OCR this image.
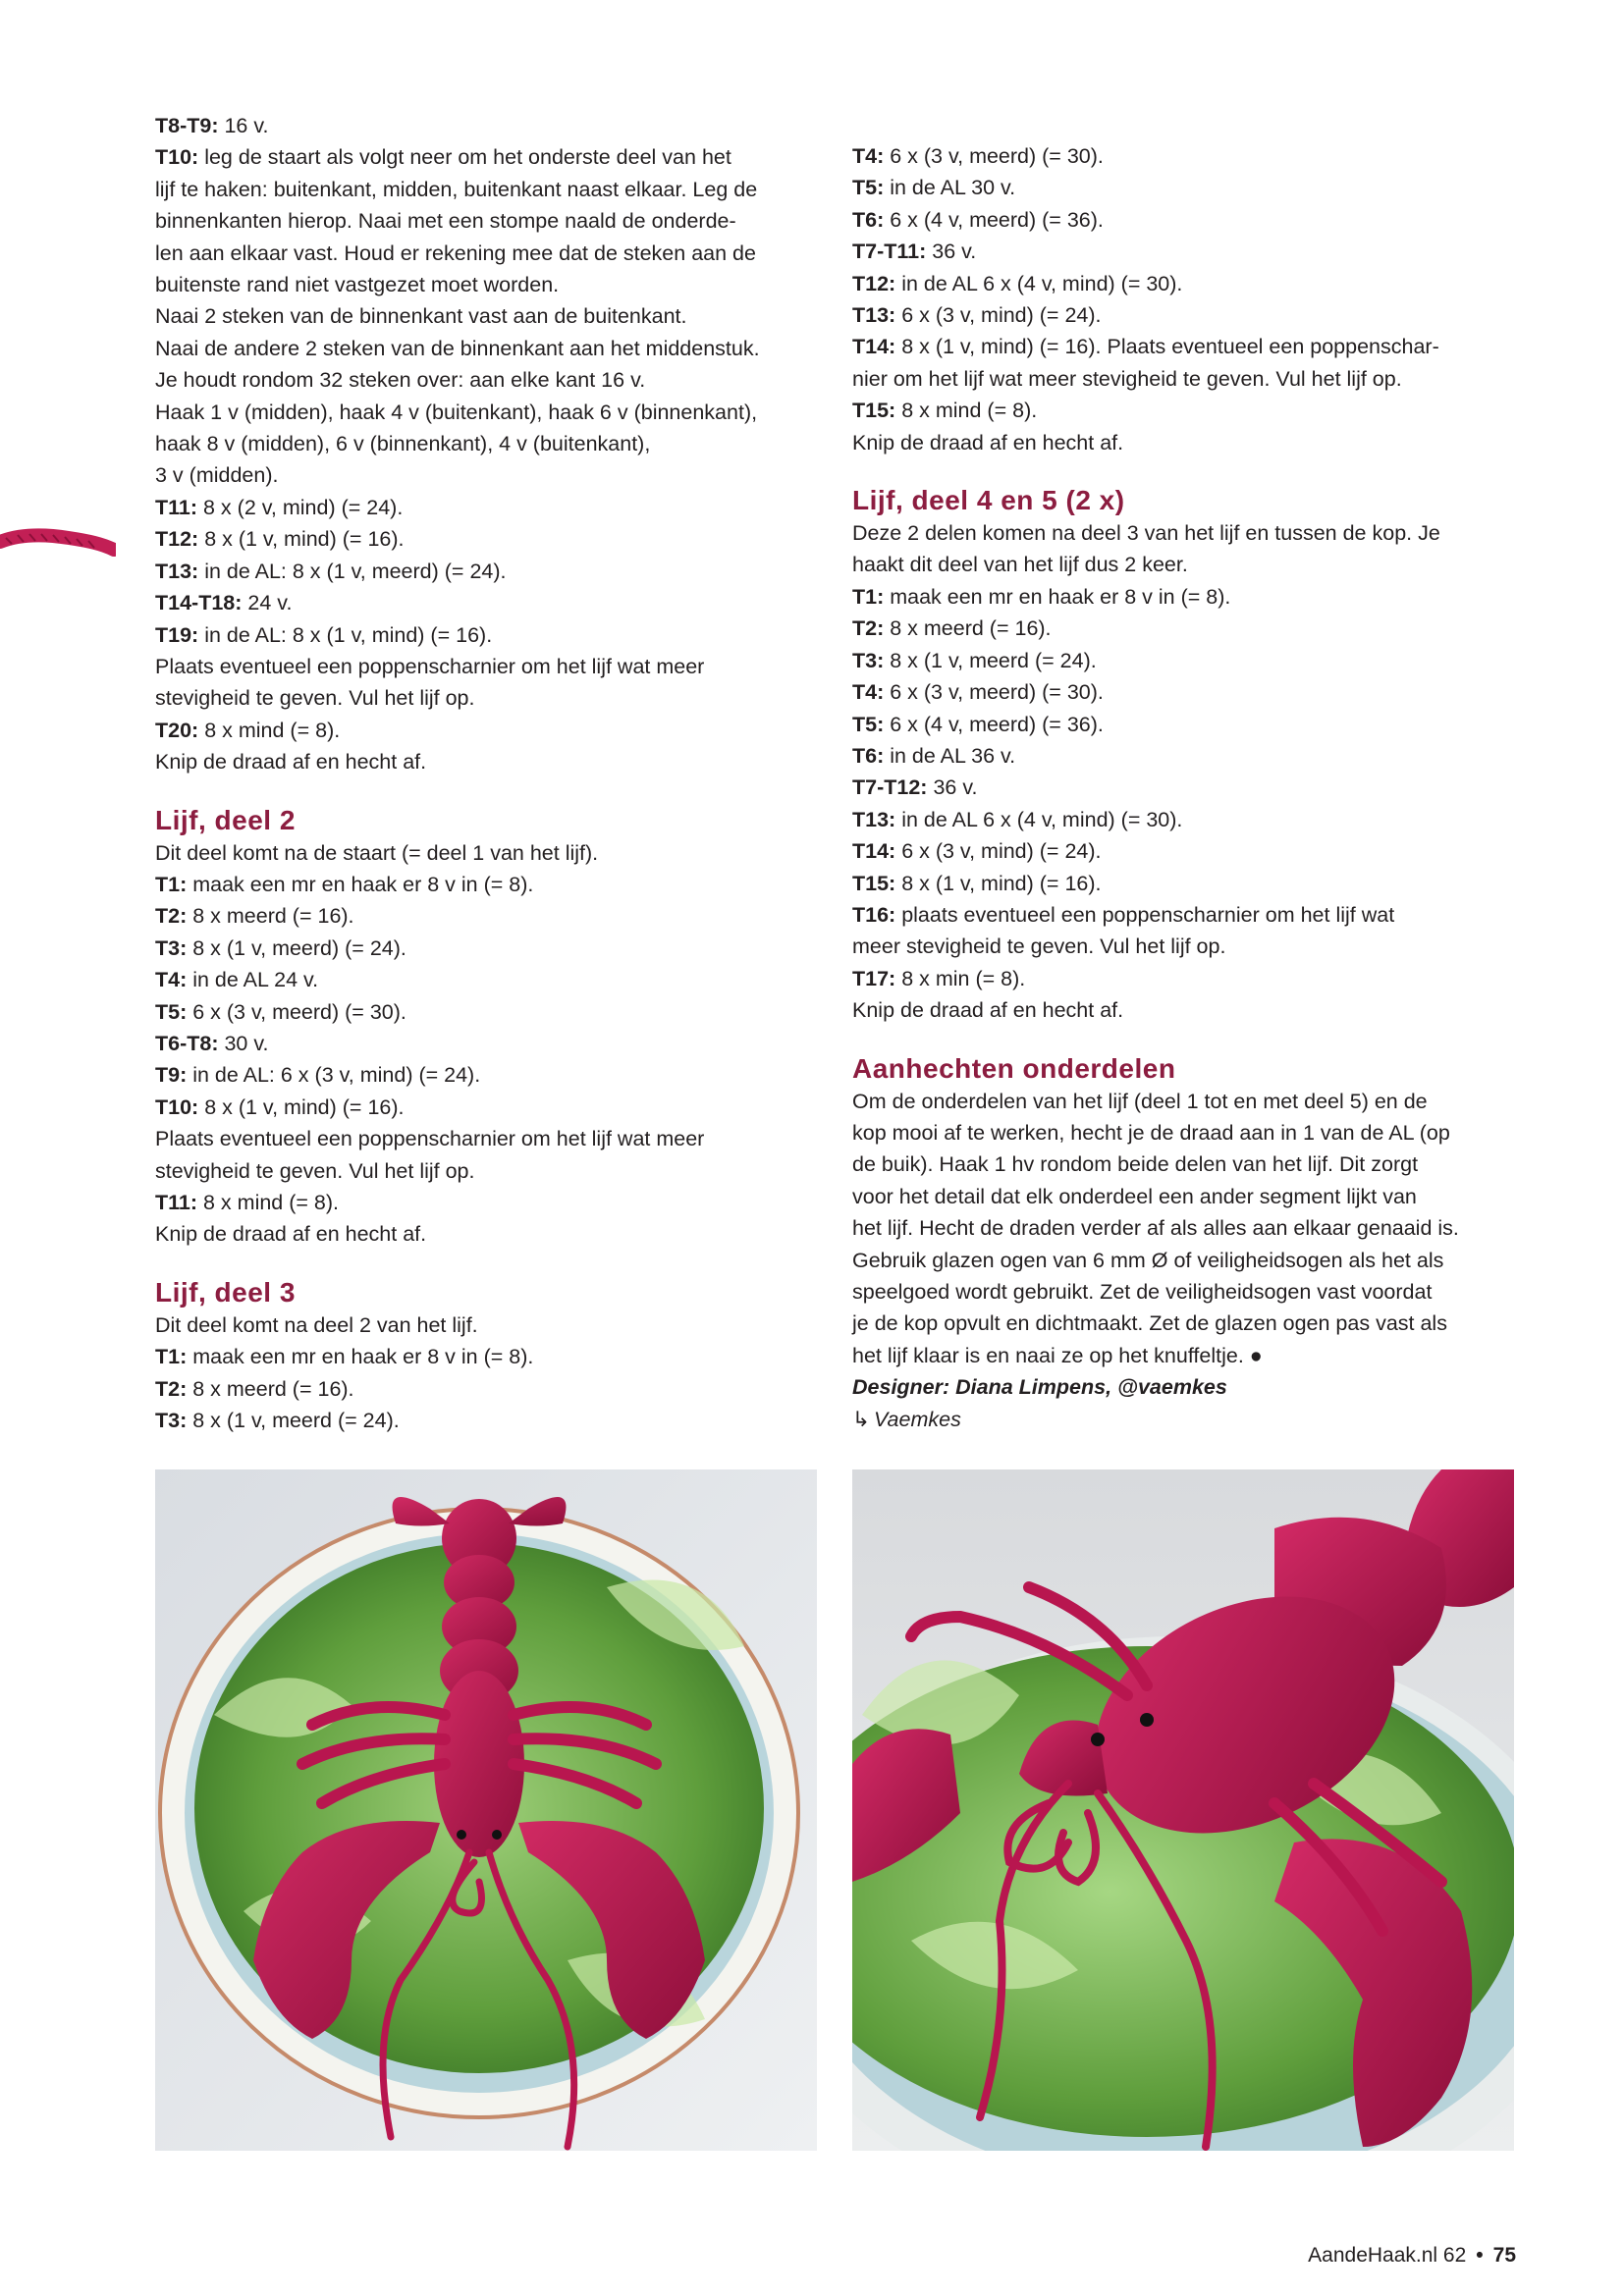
T8-T9: 16 v.
T10: leg de staart als volgt neer om het onderste deel van het
lijf te haken: buitenkant, midden, buitenkant naast elkaar. Leg de
binnenkanten hierop. Naai met een stompe naald de onderde-
len aan elkaar vast. Houd er rekening mee dat de steken aan de
buitenste rand niet vastgezet moet worden.
Naai 2 steken van de binnenkant vast aan de buitenkant.
Naai de andere 2 steken van de binnenkant aan het middenstuk.
Je houdt rondom 32 steken over: aan elke kant 16 v.
Haak 1 v (midden), haak 4 v (buitenkant), haak 6 v (binnenkant),
haak 8 v (midden), 6 v (binnenkant), 4 v (buitenkant),
3 v (midden).
T11: 8 x (2 v, mind) (= 24).
T12: 8 x (1 v, mind) (= 16).
T13: in de AL: 8 x (1 v, meerd) (= 24).
T14-T18: 24 v.
T19: in de AL: 8 x (1 v, mind) (= 16).
Plaats eventueel een poppenscharnier om het lijf wat meer
stevigheid te geven. Vul het lijf op.
T20: 8 x mind (= 8).
Knip de draad af en hecht af.
Lijf, deel 2
Dit deel komt na de staart (= deel 1 van het lijf).
T1: maak een mr en haak er 8 v in (= 8).
T2: 8 x meerd (= 16).
T3: 8 x (1 v, meerd) (= 24).
T4: in de AL 24 v.
T5: 6 x (3 v, meerd) (= 30).
T6-T8: 30 v.
T9: in de AL: 6 x (3 v, mind) (= 24).
T10: 8 x (1 v, mind) (= 16).
Plaats eventueel een poppenscharnier om het lijf wat meer
stevigheid te geven. Vul het lijf op.
T11: 8 x mind (= 8).
Knip de draad af en hecht af.
Lijf, deel 3
Dit deel komt na deel 2 van het lijf.
T1: maak een mr en haak er 8 v in (= 8).
T2: 8 x meerd (= 16).
T3: 8 x (1 v, meerd (= 24).
T4: 6 x (3 v, meerd) (= 30).
T5: in de AL 30 v.
T6: 6 x (4 v, meerd) (= 36).
T7-T11: 36 v.
T12: in de AL 6 x (4 v, mind) (= 30).
T13: 6 x (3 v, mind) (= 24).
T14: 8 x (1 v, mind) (= 16). Plaats eventueel een poppenschar-
nier om het lijf wat meer stevigheid te geven. Vul het lijf op.
T15: 8 x mind (= 8).
Knip de draad af en hecht af.
Lijf, deel 4 en 5 (2 x)
Deze 2 delen komen na deel 3 van het lijf en tussen de kop. Je
haakt dit deel van het lijf dus 2 keer.
T1: maak een mr en haak er 8 v in (= 8).
T2: 8 x meerd (= 16).
T3: 8 x (1 v, meerd (= 24).
T4: 6 x (3 v, meerd) (= 30).
T5: 6 x (4 v, meerd) (= 36).
T6: in de AL 36 v.
T7-T12: 36 v.
T13: in de AL 6 x (4 v, mind) (= 30).
T14: 6 x (3 v, mind) (= 24).
T15: 8 x (1 v, mind) (= 16).
T16: plaats eventueel een poppenscharnier om het lijf wat
meer stevigheid te geven. Vul het lijf op.
T17: 8 x min (= 8).
Knip de draad af en hecht af.
Aanhechten onderdelen
Om de onderdelen van het lijf (deel 1 tot en met deel 5) en de
kop mooi af te werken, hecht je de draad aan in 1 van de AL (op
de buik). Haak 1 hv rondom beide delen van het lijf. Dit zorgt
voor het detail dat elk onderdeel een ander segment lijkt van
het lijf. Hecht de draden verder af als alles aan elkaar genaaid is.
Gebruik glazen ogen van 6 mm Ø of veiligheidsogen als het als
speelgoed wordt gebruikt. Zet de veiligheidsogen vast voordat
je de kop opvult en dichtmaakt. Zet de glazen ogen pas vast als
het lijf klaar is en naai ze op het knuffeltje. ●
Designer: Diana Limpens, @vaemkes
↳ Vaemkes
AandeHaak.nl 62 • 75
